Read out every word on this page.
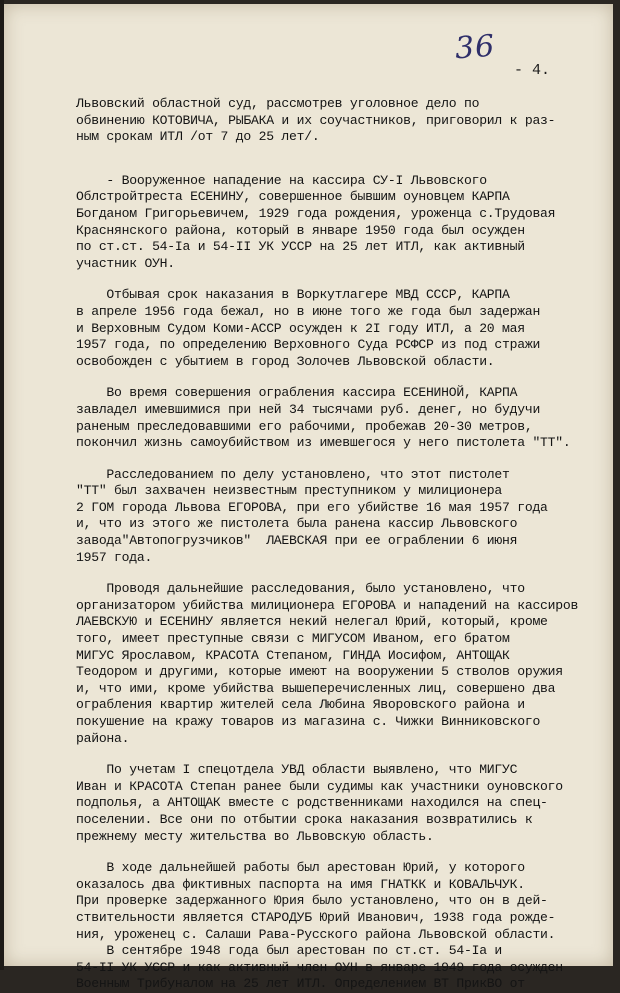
36
- 4.

Львовский областной суд, рассмотрев уголовное дело по
обвинению КОТОВИЧА, РЫБАКА и их соучастников, приговорил к раз-
ным срокам ИТЛ /от 7 до 25 лет/.

- Вооруженное нападение на кассира СУ-I Львовского
Облстройтреста ЕСЕНИНУ, совершенное бывшим оуновцем КАРПА
Богданом Григорьевичем, 1929 года рождения, уроженца с.Трудовая
Краснянского района, который в январе 1950 года был осужден
по ст.ст. 54-Iа и 54-II УК УССР на 25 лет ИТЛ, как активный
участник ОУН.

Отбывая срок наказания в Воркутлагере МВД СССР, КАРПА
в апреле 1956 года бежал, но в июне того же года был задержан
и Верховным Судом Коми-АССР осужден к 2I году ИТЛ, а 20 мая
1957 года, по определению Верховного Суда РСФСР из под стражи
освобожден с убытием в город Золочев Львовской области.

Во время совершения ограбления кассира ЕСЕНИНОЙ, КАРПА
завладел имевшимися при ней 34 тысячами руб. денег, но будучи
раненым преследовавшими его рабочими, пробежав 20-30 метров,
покончил жизнь самоубийством из имевшегося у него пистолета "ТТ".

Расследованием по делу установлено, что этот пистолет
"ТТ" был захвачен неизвестным преступником у милиционера
2 ГОМ города Львова ЕГОРОВА, при его убийстве 16 мая 1957 года
и, что из этого же пистолета была ранена кассир Львовского
завода"Автопогрузчиков"  ЛАЕВСКАЯ при ее ограблении 6 июня
1957 года.

Проводя дальнейшие расследования, было установлено, что
организатором убийства милиционера ЕГОРОВА и нападений на кассиров
ЛАЕВСКУЮ и ЕСЕНИНУ является некий нелегал Юрий, который, кроме
того, имеет преступные связи с МИГУСОМ Иваном, его братом
МИГУС Ярославом, КРАСОТА Степаном, ГИНДА Иосифом, АНТОЩАК
Теодором и другими, которые имеют на вооружении 5 стволов оружия
и, что ими, кроме убийства вышеперечисленных лиц, совершено два
ограбления квартир жителей села Любина Яворовского района и
покушение на кражу товаров из магазина с. Чижки Винниковского
района.

По учетам I спецотдела УВД области выявлено, что МИГУС
Иван и КРАСОТА Степан ранее были судимы как участники оуновского
подполья, а АНТОЩАК вместе с родственниками находился на спец-
поселении. Все они по отбытии срока наказания возвратились к
прежнему месту жительства во Львовскую область.

В ходе дальнейшей работы был арестован Юрий, у которого
оказалось два фиктивных паспорта на имя ГНАТКК и КОВАЛЬЧУК.
При проверке задержанного Юрия было установлено, что он в дей-
ствительности является СТАРОДУБ Юрий Иванович, 1938 года рожде-
ния, уроженец с. Салаши Рава-Русского района Львовской области.
В сентябре 1948 года был арестован по ст.ст. 54-Iа и
54-II УК УССР и как активный член ОУН в январе 1949 года осужден
Военным Трибуналом на 25 лет ИТЛ. Определением ВТ ПрикВО от
